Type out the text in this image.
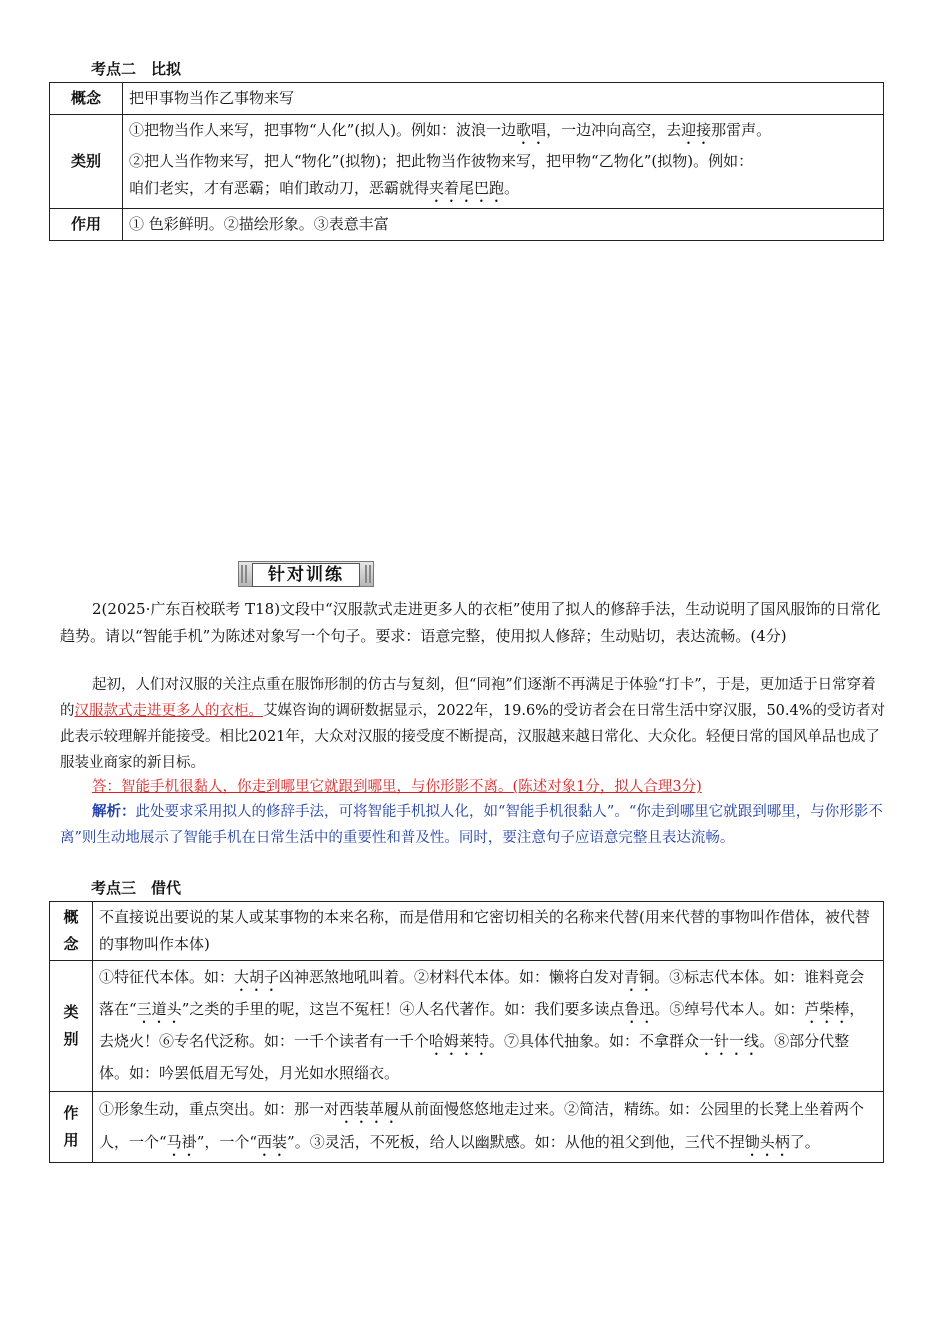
考点二　比拟
概念	把甲事物当作乙事物来写
类别	①把物当作人来写，把事物“人化”(拟人)。例如：波浪一边歌唱，一边冲向高空，去迎接那雷声。
②把人当作物来写，把人“物化”(拟物)；把此物当作彼物来写，把甲物“乙物化”(拟物)。例如：
咱们老实，才有恶霸；咱们敢动刀，恶霸就得夹着尾巴跑。

作用	① 色彩鲜明。②描绘形象。③表意丰富
针对训练
2(2025·广东百校联考 T18)文段中“汉服款式走进更多人的衣柜”使用了拟人的修辞手法，生动说明了国风服饰的日常化趋势。请以“智能手机”为陈述对象写一个句子。要求：语意完整，使用拟人修辞；生动贴切，表达流畅。(4分)
起初，人们对汉服的关注点重在服饰形制的仿古与复刻，但“同袍”们逐渐不再满足于体验“打卡”，于是，更加适于日常穿着的汉服款式走进更多人的衣柜。艾媒咨询的调研数据显示，2022年，19.6%的受访者会在日常生活中穿汉服，50.4%的受访者对此表示较理解并能接受。相比2021年，大众对汉服的接受度不断提高，汉服越来越日常化、大众化。轻便日常的国风单品也成了服装业商家的新目标。
答：智能手机很黏人，你走到哪里它就跟到哪里，与你形影不离。(陈述对象1分，拟人合理3分)
解析：此处要求采用拟人的修辞手法，可将智能手机拟人化，如“智能手机很黏人”。“你走到哪里它就跟到哪里，与你形影不离”则生动地展示了智能手机在日常生活中的重要性和普及性。同时，要注意句子应语意完整且表达流畅。
考点三　借代
概念	不直接说出要说的某人或某事物的本来名称，而是借用和它密切相关的名称来代替(用来代替的事物叫作借体，被代替的事物叫作本体)
类别	①特征代本体。如：大胡子凶神恶煞地吼叫着。②材料代本体。如：懒将白发对青铜。③标志代本体。如：谁料竟会落在“三道头”之类的手里的呢，这岂不冤枉！④人名代著作。如：我们要多读点鲁迅。⑤绰号代本人。如：芦柴棒，去烧火！⑥专名代泛称。如：一千个读者有一千个哈姆莱特。⑦具体代抽象。如：不拿群众一针一线。⑧部分代整体。如：吟罢低眉无写处，月光如水照缁衣。
作用	①形象生动，重点突出。如：那一对西装革履从前面慢悠悠地走过来。②简洁，精练。如：公园里的长凳上坐着两个人，一个“马褂”，一个“西装”。③灵活，不死板，给人以幽默感。如：从他的祖父到他，三代不捏锄头柄了。
